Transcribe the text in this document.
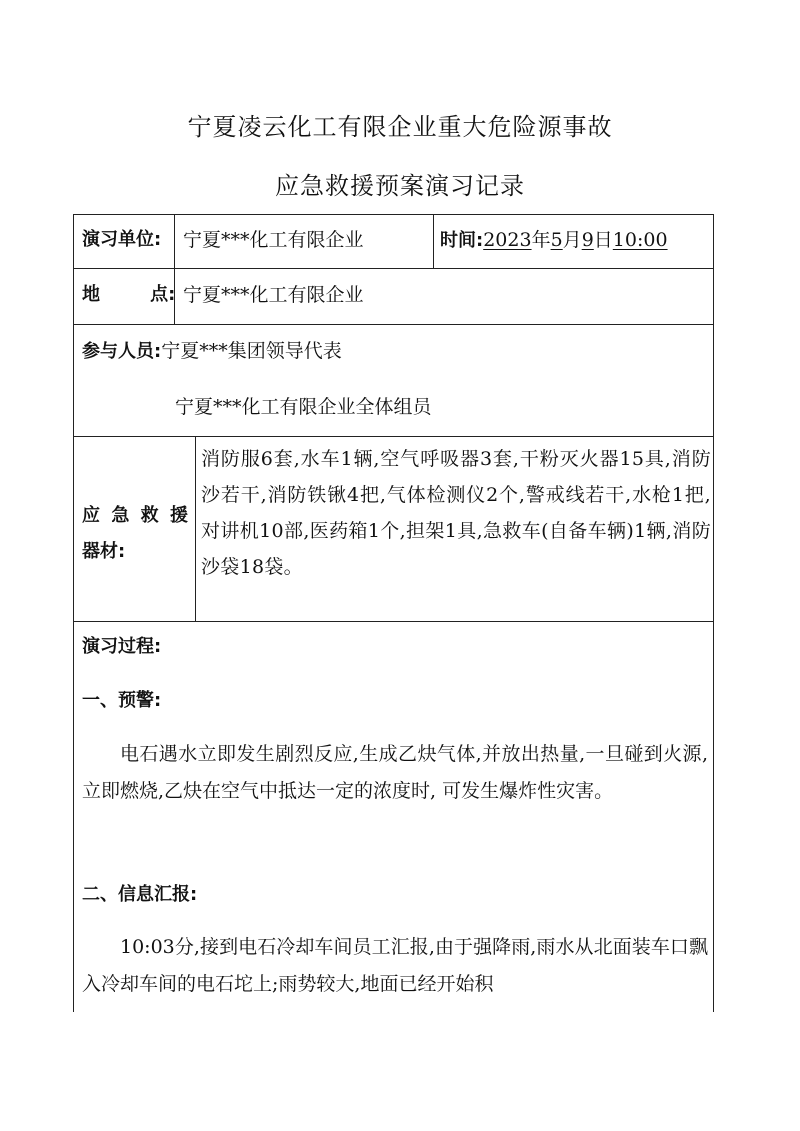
宁夏凌云化工有限企业重大危险源事故
应急救援预案演习记录
演习单位: 宁夏***化工有限企业	时间:2023年5月9日10:00
地        点: 宁夏***化工有限企业
参与人员:宁夏***集团领导代表
宁夏***化工有限企业全体组员
应急救援
器材:
消防服6套,水车1辆,空气呼吸器3套,干粉灭火器15具,消防沙若干,消防铁锹4把,气体检测仪2个,警戒线若干,水枪1把,对讲机10部,医药箱1个,担架1具,急救车(自备车辆)1辆,消防沙袋18袋。
演习过程:
一、预警:
电石遇水立即发生剧烈反应,生成乙炔气体,并放出热量,一旦碰到火源,立即燃烧,乙炔在空气中抵达一定的浓度时, 可发生爆炸性灾害。
二、信息汇报:
10:03分,接到电石冷却车间员工汇报,由于强降雨,雨水从北面装车口飘入冷却车间的电石坨上;雨势较大,地面已经开始积
